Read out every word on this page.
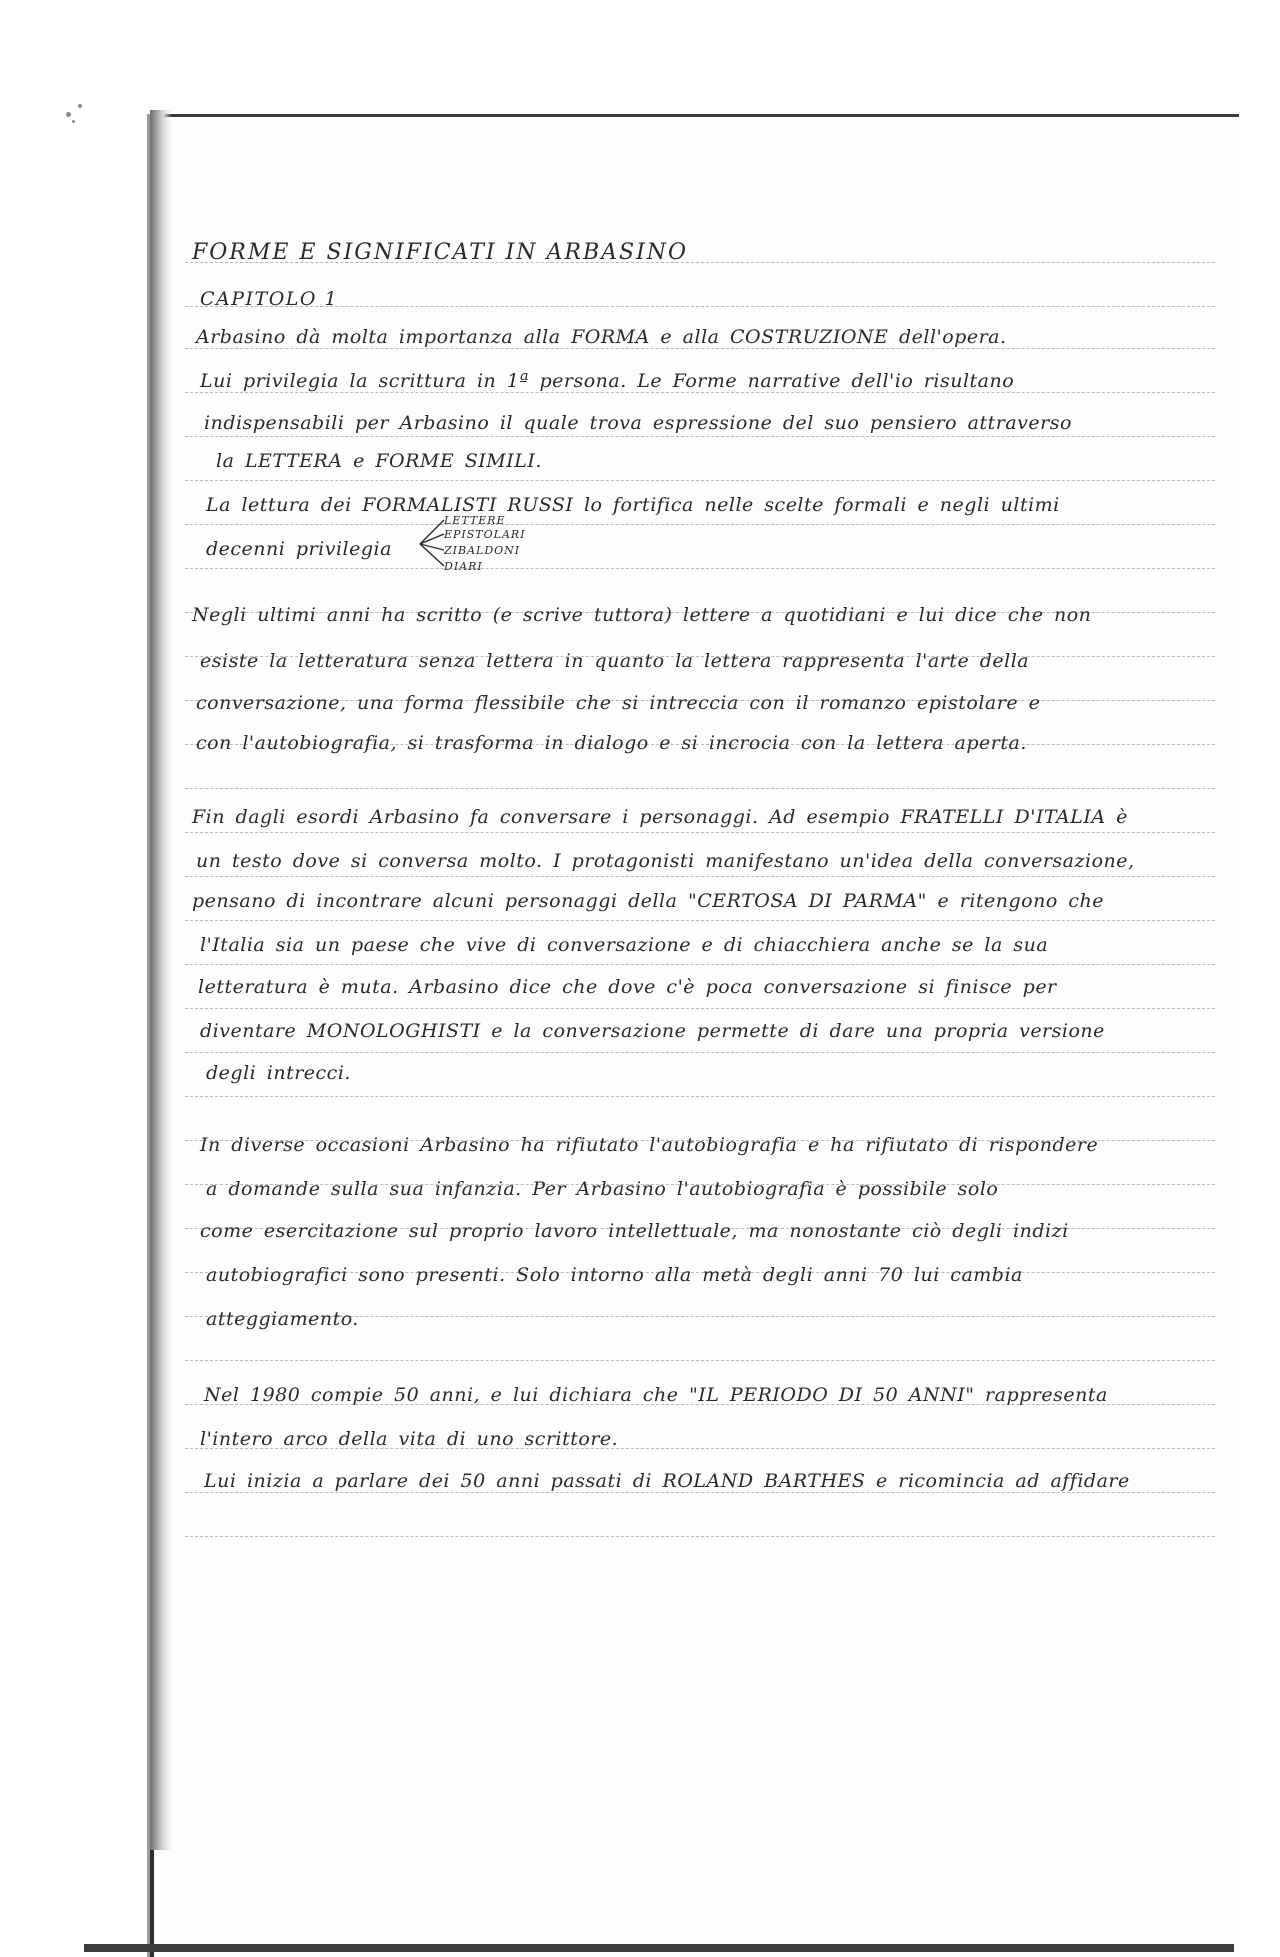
FORME E SIGNIFICATI IN ARBASINO
CAPITOLO 1
Arbasino dà molta importanza alla FORMA e alla COSTRUZIONE dell'opera.
Lui privilegia la scrittura in 1ª persona. Le Forme narrative dell'io risultano
indispensabili per Arbasino il quale trova espressione del suo pensiero attraverso
la LETTERA e FORME SIMILI.
La lettura dei FORMALISTI RUSSI lo fortifica nelle scelte formali e negli ultimi
decenni privilegia
LETTERE
EPISTOLARI
ZIBALDONI
DIARI
Negli ultimi anni ha scritto (e scrive tuttora) lettere a quotidiani e lui dice che non
esiste la letteratura senza lettera in quanto la lettera rappresenta l'arte della
conversazione, una forma flessibile che si intreccia con il romanzo epistolare e
con l'autobiografia, si trasforma in dialogo e si incrocia con la lettera aperta.
Fin dagli esordi Arbasino fa conversare i personaggi. Ad esempio FRATELLI D'ITALIA è
un testo dove si conversa molto. I protagonisti manifestano un'idea della conversazione,
pensano di incontrare alcuni personaggi della "CERTOSA DI PARMA" e ritengono che
l'Italia sia un paese che vive di conversazione e di chiacchiera anche se la sua
letteratura è muta. Arbasino dice che dove c'è poca conversazione si finisce per
diventare MONOLOGHISTI e la conversazione permette di dare una propria versione
degli intrecci.
In diverse occasioni Arbasino ha rifiutato l'autobiografia e ha rifiutato di rispondere
a domande sulla sua infanzia. Per Arbasino l'autobiografia è possibile solo
come esercitazione sul proprio lavoro intellettuale, ma nonostante ciò degli indizi
autobiografici sono presenti. Solo intorno alla metà degli anni 70 lui cambia
atteggiamento.
Nel 1980 compie 50 anni, e lui dichiara che "IL PERIODO DI 50 ANNI" rappresenta
l'intero arco della vita di uno scrittore.
Lui inizia a parlare dei 50 anni passati di ROLAND BARTHES e ricomincia ad affidare
